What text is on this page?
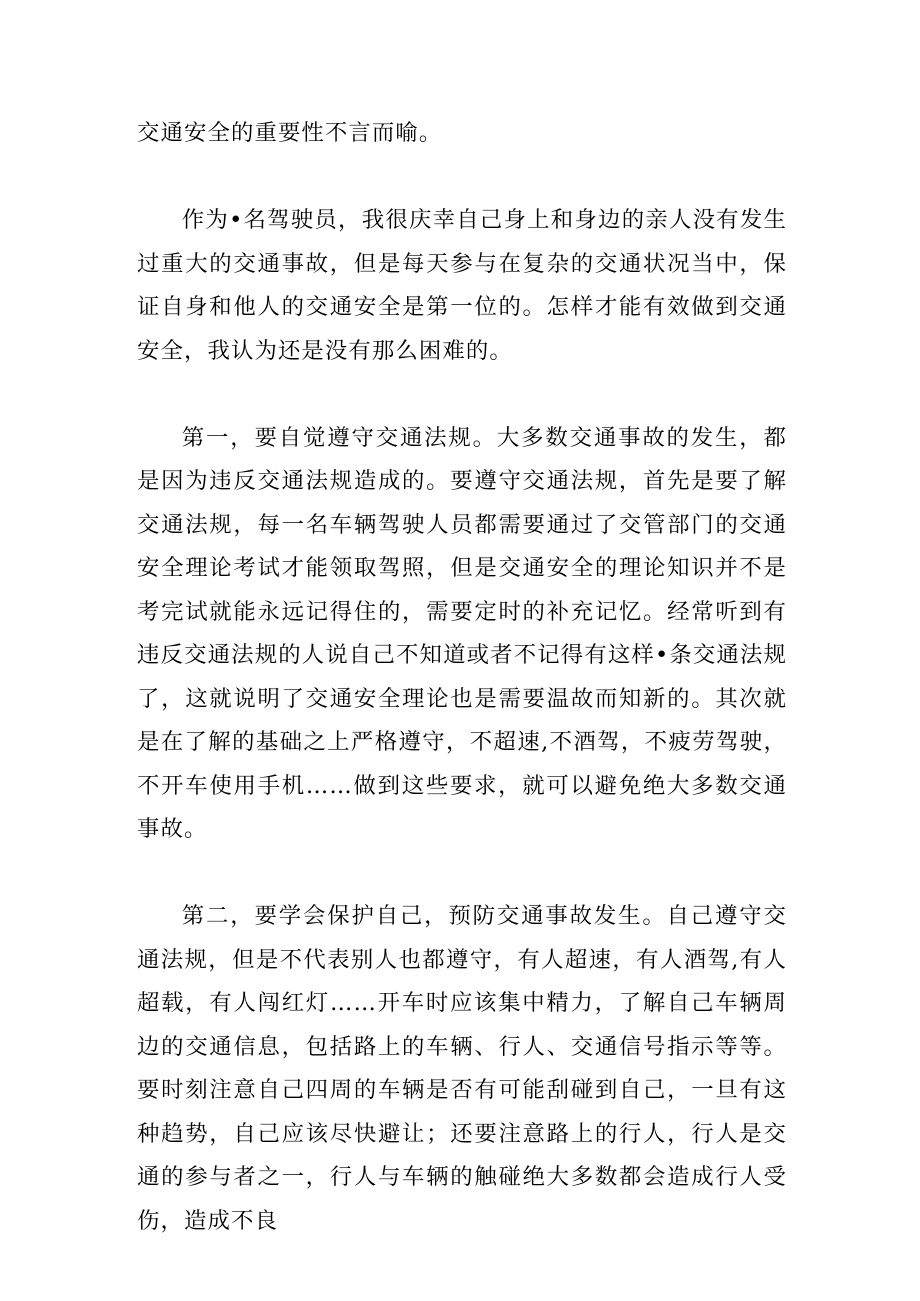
交通安全的重要性不言而喻。

作为•名驾驶员，我很庆幸自己身上和身边的亲人没有发生过重大的交通事故，但是每天参与在复杂的交通状况当中，保证自身和他人的交通安全是第一位的。怎样才能有效做到交通安全，我认为还是没有那么困难的。

第一，要自觉遵守交通法规。大多数交通事故的发生，都是因为违反交通法规造成的。要遵守交通法规，首先是要了解交通法规，每一名车辆驾驶人员都需要通过了交管部门的交通安全理论考试才能领取驾照，但是交通安全的理论知识并不是考完试就能永远记得住的，需要定时的补充记忆。经常听到有违反交通法规的人说自己不知道或者不记得有这样•条交通法规了，这就说明了交通安全理论也是需要温故而知新的。其次就是在了解的基础之上严格遵守，不超速,不酒驾，不疲劳驾驶，不开车使用手机……做到这些要求，就可以避免绝大多数交通事故。

第二，要学会保护自己，预防交通事故发生。自己遵守交通法规，但是不代表别人也都遵守，有人超速，有人酒驾,有人超载，有人闯红灯……开车时应该集中精力，了解自己车辆周边的交通信息，包括路上的车辆、行人、交通信号指示等等。要时刻注意自己四周的车辆是否有可能刮碰到自己，一旦有这种趋势，自己应该尽快避让；还要注意路上的行人，行人是交通的参与者之一，行人与车辆的触碰绝大多数都会造成行人受伤，造成不良
